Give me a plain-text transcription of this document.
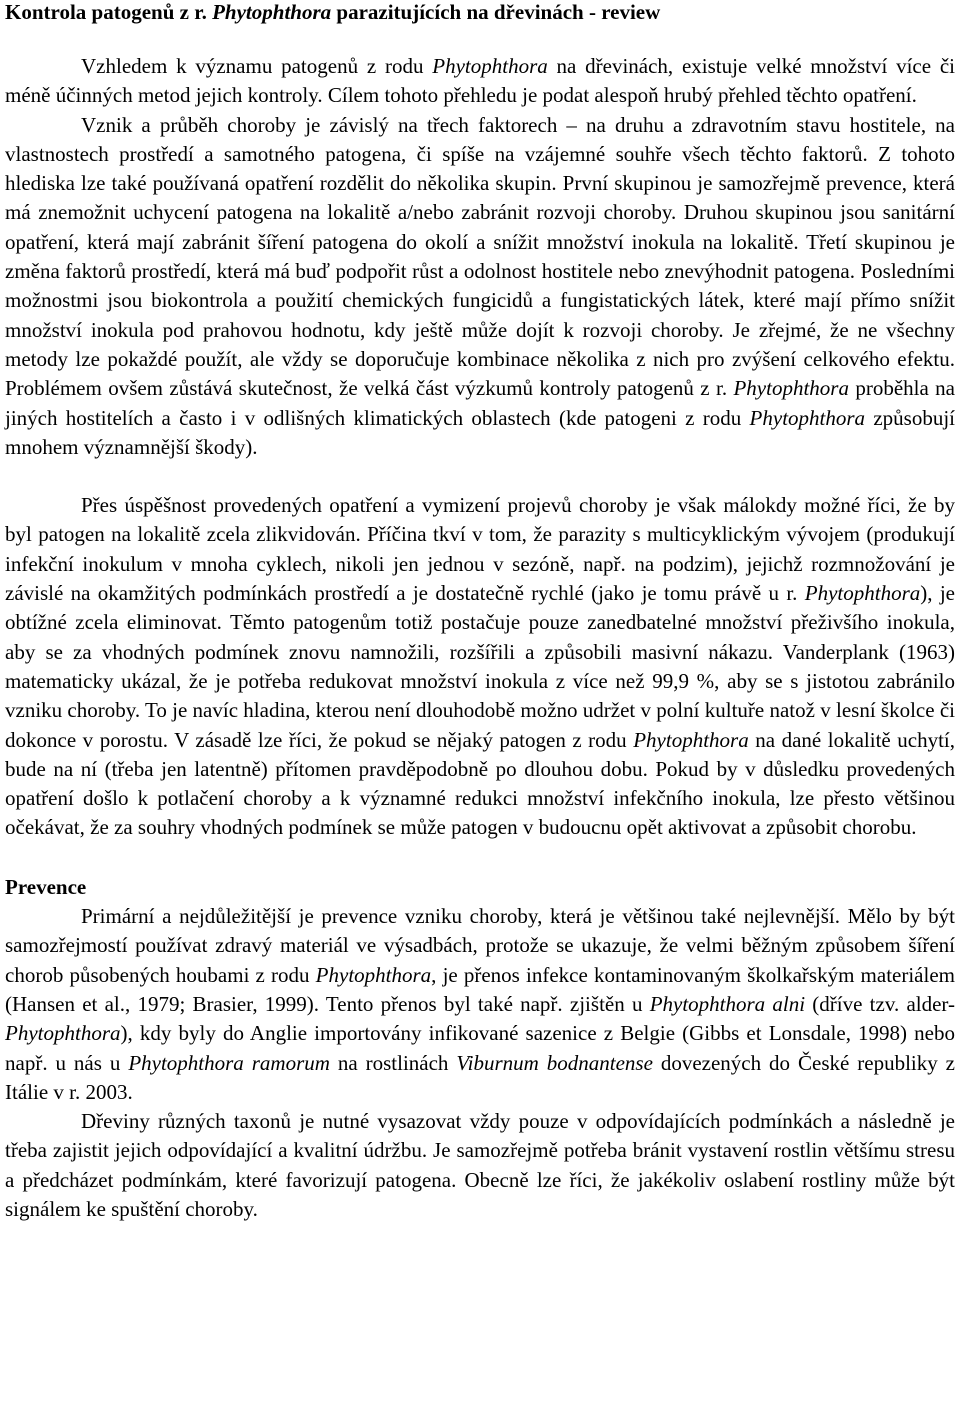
Kontrola patogenů z r. Phytophthora parazitujících na dřevinách - review

Vzhledem k významu patogenů z rodu Phytophthora na dřevinách, existuje velké množství více či méně účinných metod jejich kontroly. Cílem tohoto přehledu je podat alespoň hrubý přehled těchto opatření.

Vznik a průběh choroby je závislý na třech faktorech – na druhu a zdravotním stavu hostitele, na vlastnostech prostředí a samotného patogena, či spíše na vzájemné souhře všech těchto faktorů. Z tohoto hlediska lze také používaná opatření rozdělit do několika skupin. První skupinou je samozřejmě prevence, která má znemožnit uchycení patogena na lokalitě a/nebo zabránit rozvoji choroby. Druhou skupinou jsou sanitární opatření, která mají zabránit šíření patogena do okolí a snížit množství inokula na lokalitě. Třetí skupinou je změna faktorů prostředí, která má buď podpořit růst a odolnost hostitele nebo znevýhodnit patogena. Posledními možnostmi jsou biokontrola a použití chemických fungicidů a fungistatických látek, které mají přímo snížit množství inokula pod prahovou hodnotu, kdy ještě může dojít k rozvoji choroby. Je zřejmé, že ne všechny metody lze pokaždé použít, ale vždy se doporučuje kombinace několika z nich pro zvýšení celkového efektu. Problémem ovšem zůstává skutečnost, že velká část výzkumů kontroly patogenů z r. Phytophthora proběhla na jiných hostitelích a často i v odlišných klimatických oblastech (kde patogeni z rodu Phytophthora způsobují mnohem významnější škody).

Přes úspěšnost provedených opatření a vymizení projevů choroby je však málokdy možné říci, že by byl patogen na lokalitě zcela zlikvidován. Příčina tkví v tom, že parazity s multicyklickým vývojem (produkují infekční inokulum v mnoha cyklech, nikoli jen jednou v sezóně, např. na podzim), jejichž rozmnožování je závislé na okamžitých podmínkách prostředí a je dostatečně rychlé (jako je tomu právě u r. Phytophthora), je obtížné zcela eliminovat. Těmto patogenům totiž postačuje pouze zanedbatelné množství přeživšího inokula, aby se za vhodných podmínek znovu namnožili, rozšířili a způsobili masivní nákazu. Vanderplank (1963) matematicky ukázal, že je potřeba redukovat množství inokula z více než 99,9 %, aby se s jistotou zabránilo vzniku choroby. To je navíc hladina, kterou není dlouhodobě možno udržet v polní kultuře natož v lesní školce či dokonce v porostu. V zásadě lze říci, že pokud se nějaký patogen z rodu Phytophthora na dané lokalitě uchytí, bude na ní (třeba jen latentně) přítomen pravděpodobně po dlouhou dobu. Pokud by v důsledku provedených opatření došlo k potlačení choroby a k významné redukci množství infekčního inokula, lze přesto většinou očekávat, že za souhry vhodných podmínek se může patogen v budoucnu opět aktivovat a způsobit chorobu.

Prevence

Primární a nejdůležitější je prevence vzniku choroby, která je většinou také nejlevnější. Mělo by být samozřejmostí používat zdravý materiál ve výsadbách, protože se ukazuje, že velmi běžným způsobem šíření chorob působených houbami z rodu Phytophthora, je přenos infekce kontaminovaným školkařským materiálem (Hansen et al., 1979; Brasier, 1999). Tento přenos byl také např. zjištěn u Phytophthora alni (dříve tzv. alder-Phytophthora), kdy byly do Anglie importovány infikované sazenice z Belgie (Gibbs et Lonsdale, 1998) nebo např. u nás u Phytophthora ramorum na rostlinách Viburnum bodnantense dovezených do České republiky z Itálie v r. 2003.

Dřeviny různých taxonů je nutné vysazovat vždy pouze v odpovídajících podmínkách a následně je třeba zajistit jejich odpovídající a kvalitní údržbu. Je samozřejmě potřeba bránit vystavení rostlin většímu stresu a předcházet podmínkám, které favorizují patogena. Obecně lze říci, že jakékoliv oslabení rostliny může být signálem ke spuštění choroby.
